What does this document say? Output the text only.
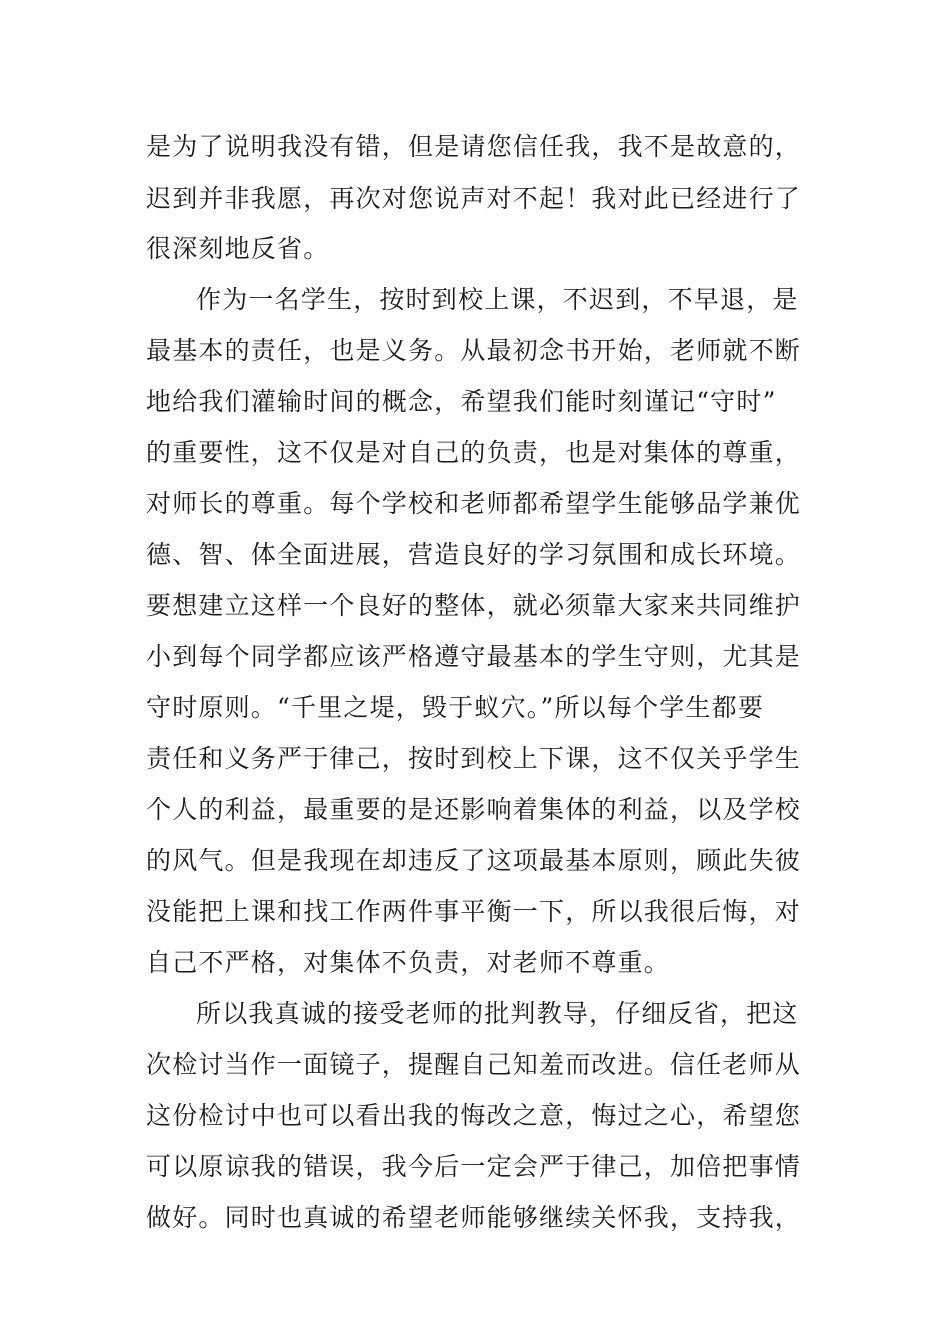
是为了说明我没有错，但是请您信任我，我不是故意的，
迟到并非我愿，再次对您说声对不起！我对此已经进行了
很深刻地反省。
作为一名学生，按时到校上课，不迟到，不早退，是
最基本的责任，也是义务。从最初念书开始，老师就不断
地给我们灌输时间的概念，希望我们能时刻谨记“守时”
的重要性，这不仅是对自己的负责，也是对集体的尊重，
对师长的尊重。每个学校和老师都希望学生能够品学兼优
德、智、体全面进展，营造良好的学习氛围和成长环境。
要想建立这样一个良好的整体，就必须靠大家来共同维护
小到每个同学都应该严格遵守最基本的学生守则，尤其是
守时原则。“千里之堤，毁于蚁穴。”所以每个学生都要
责任和义务严于律己，按时到校上下课，这不仅关乎学生
个人的利益，最重要的是还影响着集体的利益，以及学校
的风气。但是我现在却违反了这项最基本原则，顾此失彼
没能把上课和找工作两件事平衡一下，所以我很后悔，对
自己不严格，对集体不负责，对老师不尊重。
所以我真诚的接受老师的批判教导，仔细反省，把这
次检讨当作一面镜子，提醒自己知羞而改进。信任老师从
这份检讨中也可以看出我的悔改之意，悔过之心，希望您
可以原谅我的错误，我今后一定会严于律己，加倍把事情
做好。同时也真诚的希望老师能够继续关怀我，支持我，
